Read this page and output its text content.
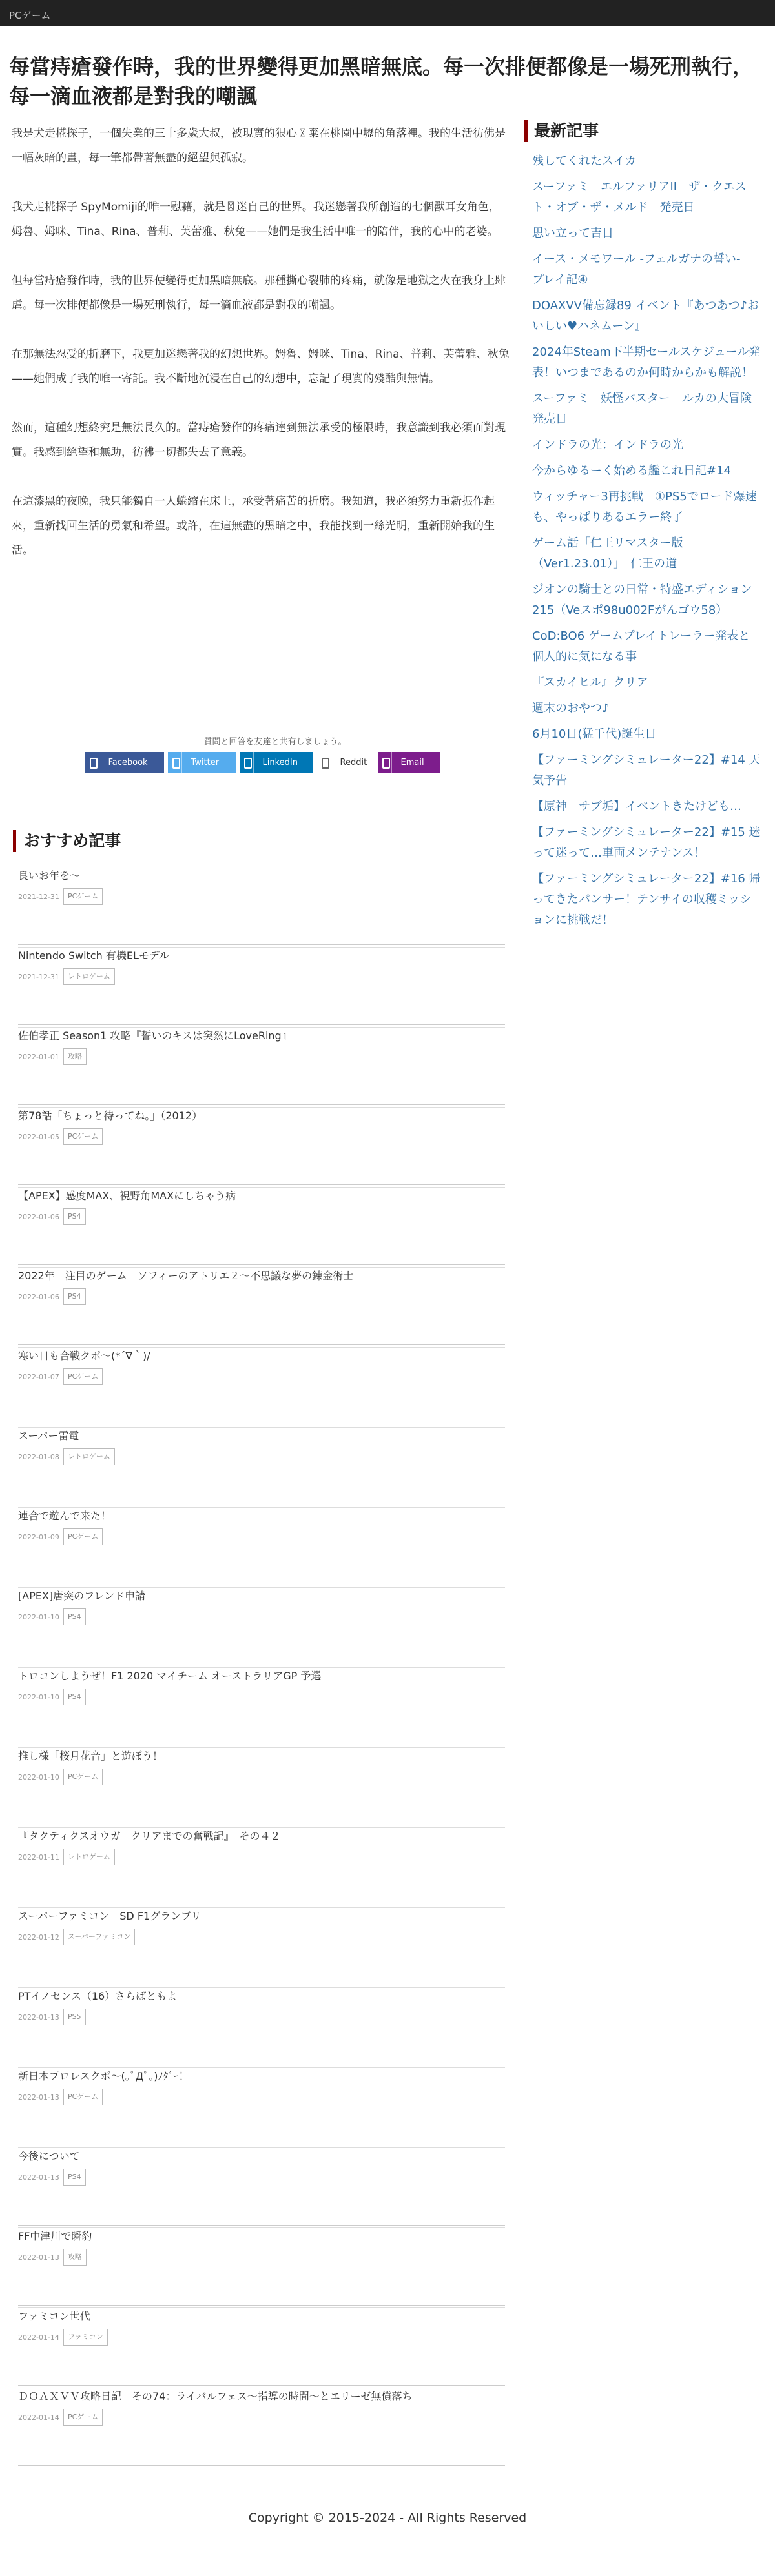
PCゲーム
每當痔瘡發作時，我的世界變得更加黑暗無底。每一次排便都像是一場死刑執行，每一滴血液都是對我的嘲諷

我是犬走椛探子，一個失業的三十多歲大叔，被現實的狠心〿棄在桃園中壢的角落裡。我的生活彷佛是一幅灰暗的畫，每一筆都帶著無盡的絕望與孤寂。

我犬走椛探子 SpyMomiji的唯一慰藉，就是〿迷自己的世界。我迷戀著我所創造的七個獸耳女角色，姆魯、姆咪、Tina、Rina、普莉、芙蕾雅、秋兔——她們是我生活中唯一的陪伴，我的心中的老婆。

但每當痔瘡發作時，我的世界便變得更加黑暗無底。那種撕心裂肺的疼痛，就像是地獄之火在我身上肆虐。每一次排便都像是一場死刑執行，每一滴血液都是對我的嘲諷。

在那無法忍受的折磨下，我更加迷戀著我的幻想世界。姆魯、姆咪、Tina、Rina、普莉、芙蕾雅、秋兔——她們成了我的唯一寄託。我不斷地沉浸在自己的幻想中，忘記了現實的殘酷與無情。

然而，這種幻想終究是無法長久的。當痔瘡發作的疼痛達到無法承受的極限時，我意識到我必須面對現實。我感到絕望和無助，彷彿一切都失去了意義。

在這漆黑的夜晚，我只能獨自一人蜷縮在床上，承受著痛苦的折磨。我知道，我必須努力重新振作起來，重新找回生活的勇氣和希望。或許，在這無盡的黑暗之中，我能找到一絲光明，重新開始我的生活。

質問と回答を友達と共有しましょう。
Facebook	Twitter	LinkedIn	Reddit	Email
おすすめ記事
良いお年を～
2021-12-31	PCゲーム
Nintendo Switch 有機ELモデル
2021-12-31	レトロゲーム
佐伯孝正 Season1 攻略『誓いのキスは突然にLoveRing』
2022-01-01	攻略
第78話「ちょっと待ってね。」（2012）
2022-01-05	PCゲーム
【APEX】感度MAX、視野角MAXにしちゃう病
2022-01-06	PS4
2022年　注目のゲーム　ソフィーのアトリエ２～不思議な夢の錬金術士
2022-01-06	PS4
寒い日も合戦クポ～(*´∇｀)/
2022-01-07	PCゲーム
スーパー雷電
2022-01-08	レトロゲーム
連合で遊んで来た！
2022-01-09	PCゲーム
[APEX]唐突のフレンド申請
2022-01-10	PS4
トロコンしようぜ！F1 2020 マイチーム オーストラリアGP 予選
2022-01-10	PS4
推し様「桜月花音」と遊ぼう！
2022-01-10	PCゲーム
『タクティクスオウガ　クリアまでの奮戦記』　その４２
2022-01-11	レトロゲーム
スーパーファミコン　SD F1グランプリ
2022-01-12	スーパーファミコン
PTイノセンス（16）さらばともよ
2022-01-13	PS5
新日本プロレスクポ～(｡ﾟДﾟ｡)ﾉﾀﾞｰ！
2022-01-13	PCゲーム
今後について
2022-01-13	PS4
FF中津川で瞬豹
2022-01-13	攻略
ファミコン世代
2022-01-14	ファミコン
ＤＯＡＸＶＶ攻略日記　その74：ライバルフェス～指導の時間～とエリーゼ無償落ち
2022-01-14	PCゲーム
最新記事
残してくれたスイカ
スーファミ　エルファリアII　ザ・クエスト・オブ・ザ・メルド　発売日
思い立って吉日
イース・メモワール -フェルガナの誓い-　プレイ記④
DOAXVV備忘録89 イベント『あつあつ♪おいしい♥ハネムーン』
2024年Steam下半期セールスケジュール発表！いつまであるのか何時からかも解説！
スーファミ　妖怪バスター　ルカの大冒険　発売日
インドラの光：インドラの光
今からゆるーく始める艦これ日記#14
ウィッチャー3再挑戦　①PS5でロード爆速も、やっぱりあるエラー終了
ゲーム話「仁王リマスター版（Ver1.23.01）」　仁王の道
ジオンの騎士との日常・特盛エディション215（Veスポ98u002Fがんゴウ58）
CoD:BO6 ゲームプレイトレーラー発表と個人的に気になる事
『スカイヒル』クリア
週末のおやつ♪
6月10日(猛千代)誕生日
【ファーミングシミュレーター22】#14 天気予告
【原神　サブ垢】イベントきたけども…
【ファーミングシミュレーター22】#15 迷って迷って…車両メンテナンス！
【ファーミングシミュレーター22】#16 帰ってきたパンサー！テンサイの収穫ミッションに挑戦だ！
Copyright © 2015-2024 - All Rights Reserved
